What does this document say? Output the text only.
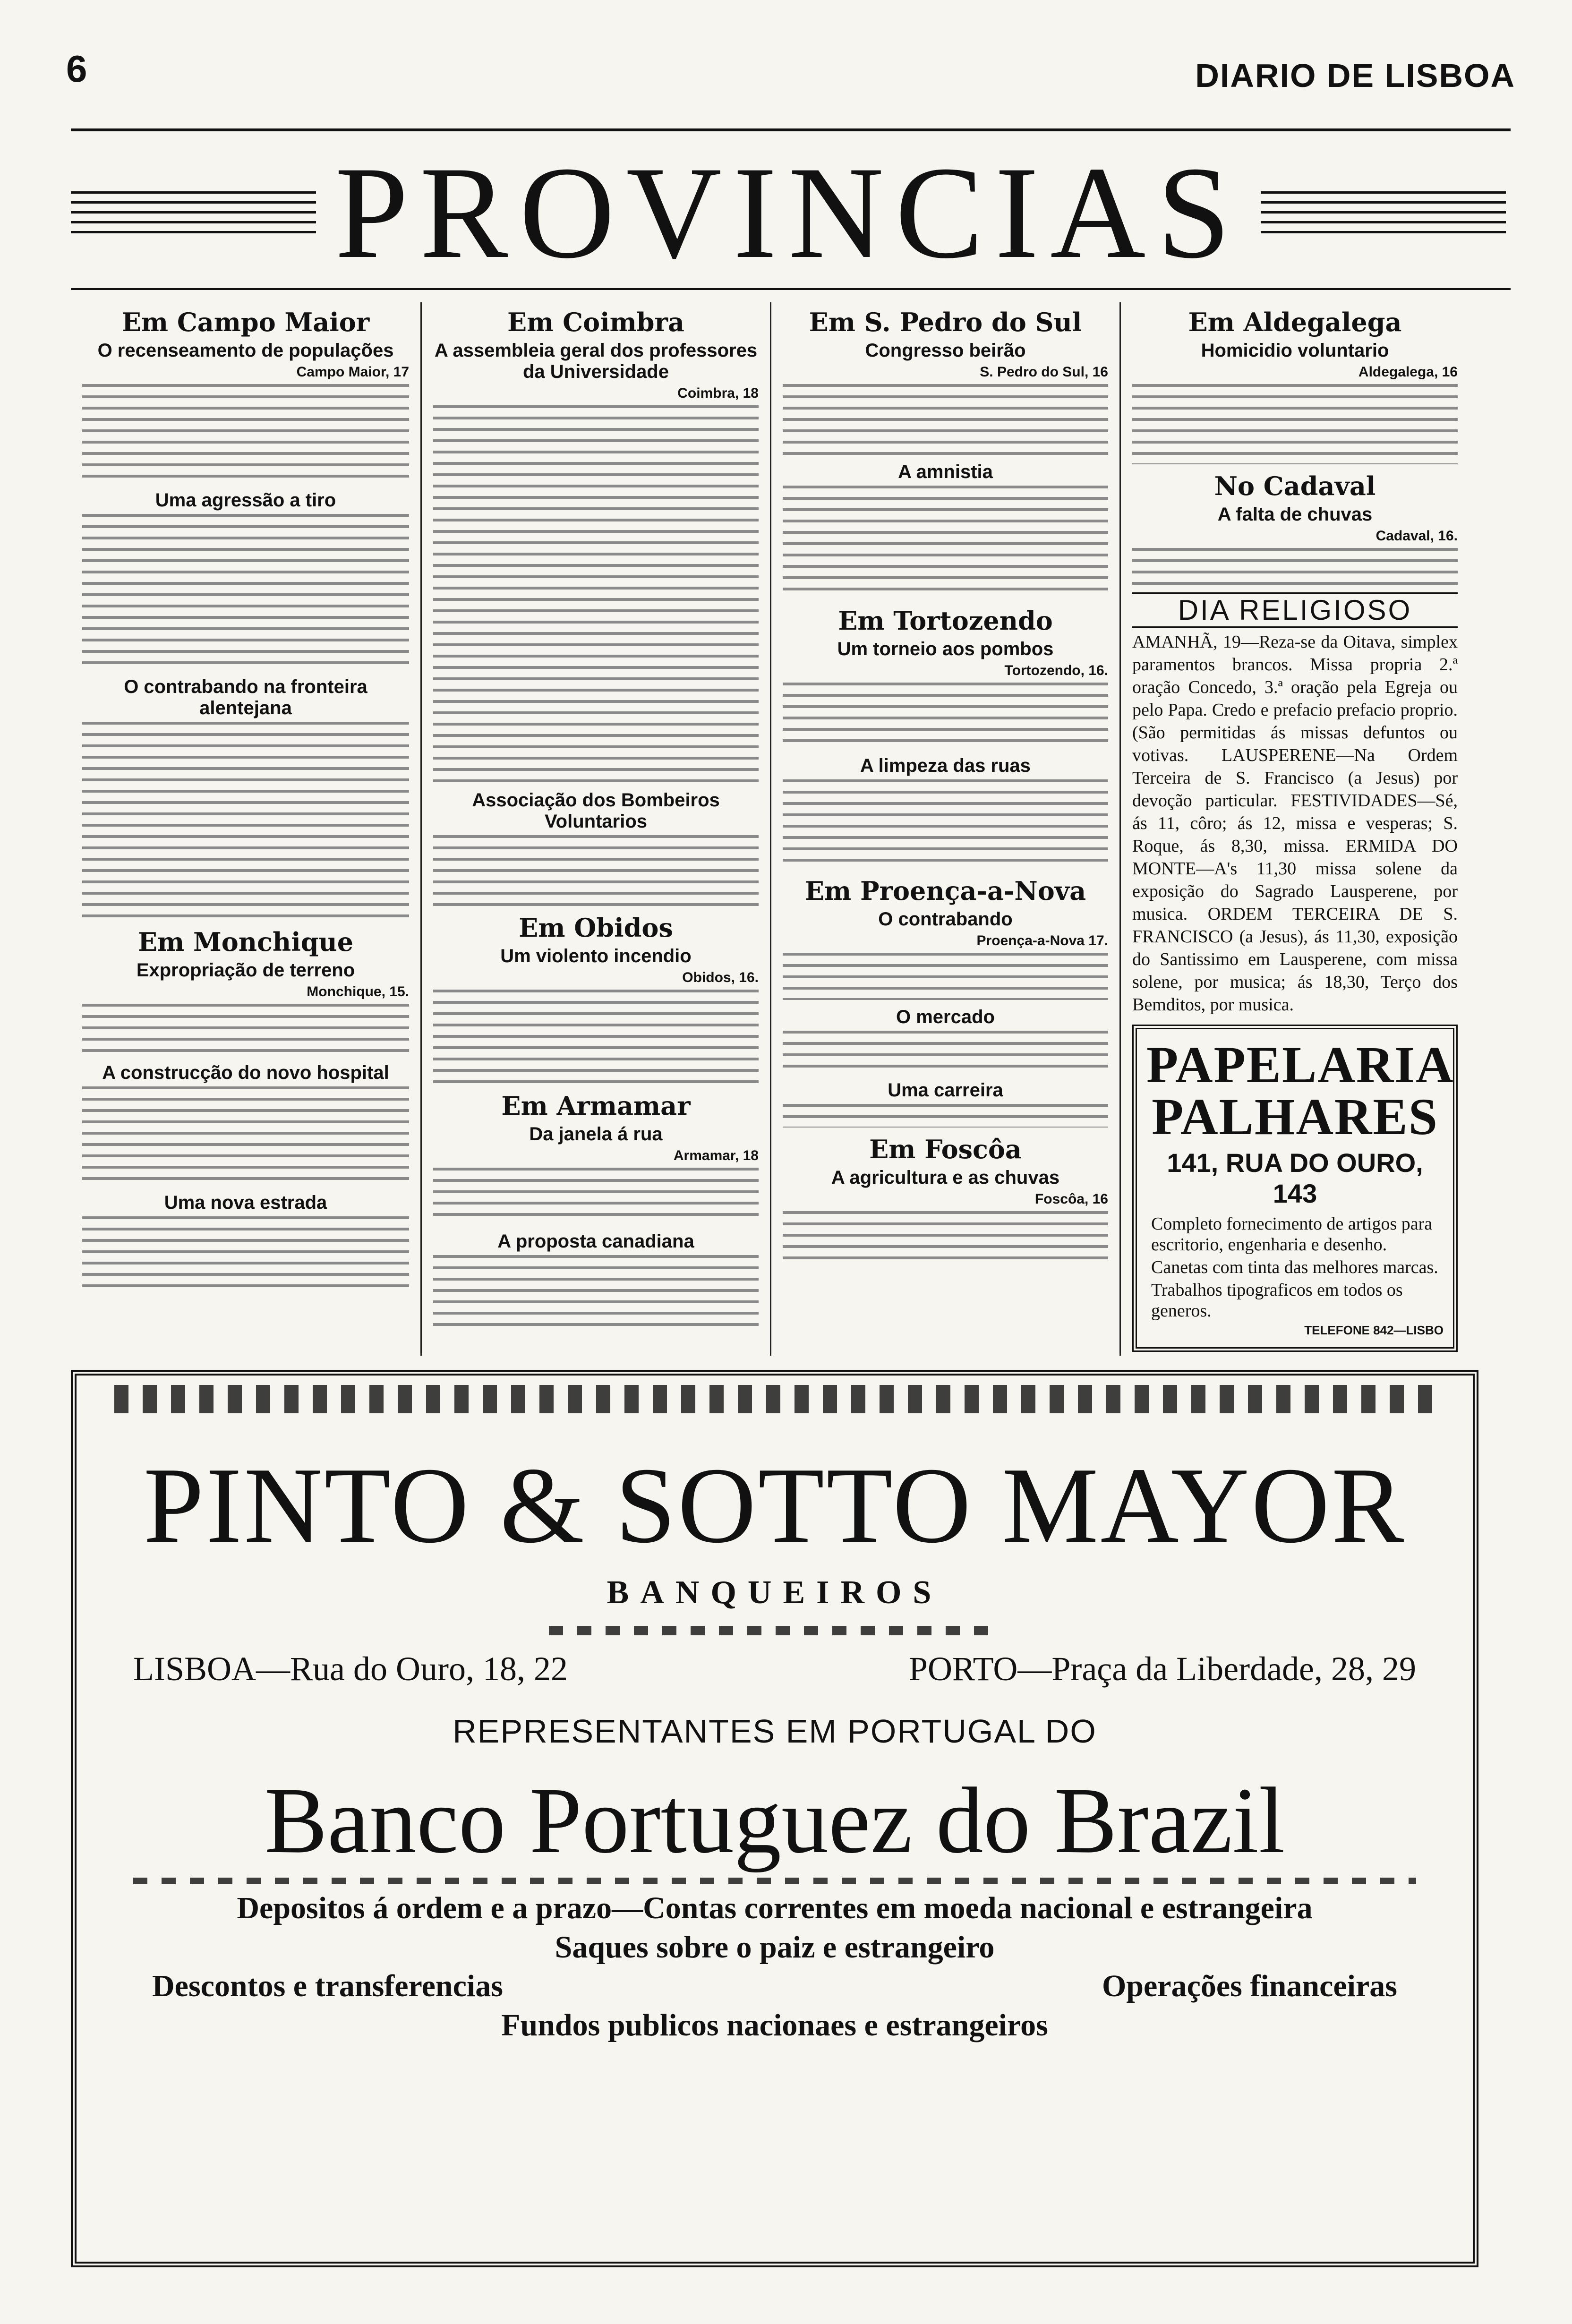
6	DIARIO DE LISBOA
PROVINCIAS
Em Campo Maior
O recenseamento de populações
Campo Maior, 17
Uma agressão a tiro
O contrabando na fronteira alentejana
Em Monchique
Expropriação de terreno
Monchique, 15.
A construcção do novo hospital
Uma nova estrada
Em Coimbra
A assembleia geral dos professores da Universidade
Coimbra, 18
Associação dos Bombeiros Voluntarios
Em Obidos
Um violento incendio
Obidos, 16.
Em Armamar
Da janela á rua
Armamar, 18
A proposta canadiana
Em S. Pedro do Sul
Congresso beirão
S. Pedro do Sul, 16
A amnistia
Em Tortozendo
Um torneio aos pombos
Tortozendo, 16.
A limpeza das ruas
Em Proença-a-Nova
O contrabando
Proença-a-Nova 17.
O mercado
Uma carreira
Em Foscôa
A agricultura e as chuvas
Foscôa, 16
Em Aldegalega
Homicidio voluntario
Aldegalega, 16
No Cadaval
A falta de chuvas
Cadaval, 16.
DIA RELIGIOSO
AMANHÃ, 19—Reza-se da Oitava, simplex paramentos brancos. Missa propria 2.ª oração Concedo, 3.ª oração pela Egreja ou pelo Papa. Credo e prefacio prefacio proprio. (São permitidas ás missas defuntos ou votivas. LAUSPERENE—Na Ordem Terceira de S. Francisco (a Jesus) por devoção particular. FESTIVIDADES—Sé, ás 11, côro; ás 12, missa e vesperas; S. Roque, ás 8,30, missa. ERMIDA DO MONTE—A's 11,30 missa solene da exposição do Sagrado Lausperene, por musica. ORDEM TERCEIRA DE S. FRANCISCO (a Jesus), ás 11,30, exposição do Santissimo em Lausperene, com missa solene, por musica; ás 18,30, Terço dos Bemditos, por musica.
PAPELARIA PALHARES
141, RUA DO OURO, 143
Completo fornecimento de artigos para escritorio, engenharia e desenho.
Canetas com tinta das melhores marcas.
Trabalhos tipograficos em todos os generos.
TELEFONE 842—LISBO
PINTO & SOTTO MAYOR
BANQUEIROS
LISBOA—Rua do Ouro, 18, 22	PORTO—Praça da Liberdade, 28, 29
REPRESENTANTES EM PORTUGAL DO
Banco Portuguez do Brazil
Depositos á ordem e a prazo—Contas correntes em moeda nacional e estrangeira
Saques sobre o paiz e estrangeiro
Descontos e transferencias	Operações financeiras
Fundos publicos nacionaes e estrangeiros
